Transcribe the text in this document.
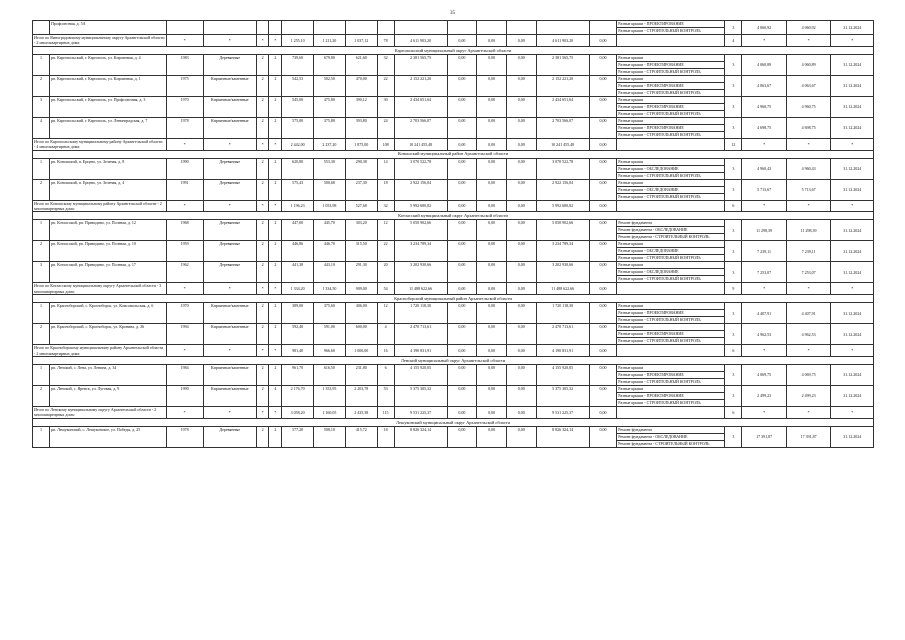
35
	Профсоюзная, д. 5А															Разные крыши - ПРОЕКТИРОВАНИЕ
Разные крыши - СТРОИТЕЛЬНЫЙ КОНТРОЛЬ	3	4 060,92	4 060,92	31.12.2024
Итого по Виноградовскому муниципальному округу Архангельской области - 2 многоквартирных дома:		*	*	*	*	1 255,10	1 211,20	1 037,12	78	4 611 903,20	0,00	0,00	0,00	4 611 903,20	0,00		4	*	*	*
Каргопольский муниципальный округ Архангельской области																				
1	рп. Каргопольский, г. Каргополь, ул. Кирпичная, д. 4	1983	Деревянные	2	2	739,60	679,80	621,60	32	2 381 565,75	0,00	0,00	0,00	2 381 565,75	0,00	Разные крыши
Разные крыши - ПРОЕКТИРОВАНИЕ
Разные крыши - СТРОИТЕЛЬНЫЙ КОНТРОЛЬ	3	4 060,89	4 060,89	31.12.2024
2	рп. Каргопольский, г. Каргополь, ул. Кирпичная, д. 1	1975	Кирпичные/каменные	2	2	542,53	502,50	470,00	22	2 152 221,20	0,00	0,00	0,00	2 152 221,20	0,00	Разные крыши
Разные крыши - ПРОЕКТИРОВАНИЕ
Разные крыши - СТРОИТЕЛЬНЫЙ КОНТРОЛЬ	3	4 063,67	4 063,67	31.12.2024
3	рп. Каргопольский, г. Каргополь, ул. Профсоюзная, д. 3	1970	Кирпичные/каменные	2	2	545,00	475,80	390,12	30	2 434 651,64	0,00	0,00	0,00	2 434 651,64	0,00	Разные крыши
Разные крыши - ПРОЕКТИРОВАНИЕ
Разные крыши - СТРОИТЕЛЬНЫЙ КОНТРОЛЬ	3	4 960,75	4 960,75	31.12.2024
4	рп. Каргопольский, г. Каргополь, ул. Ленинградская, д. 7	1978	Кирпичные/каменные	2	2	575,00	375,80	393,80	24	2 703 566,07	0,00	0,00	0,00	2 703 566,07	0,00	Разные крыши
Разные крыши - ПРОЕКТИРОВАНИЕ
Разные крыши - СТРОИТЕЛЬНЫЙ КОНТРОЛЬ	3	4 698,75	4 698,75	31.12.2024
Итого по Каргопольскому муниципальному району Архангельской области - 4 многоквартирных дома:		*	*	*	*	2 442,00	2 237,20	1 875,00	108	10 241 455,48	0,00	0,00	0,00	10 241 455,48	0,00		12	*	*	*
Коношский муниципальный район Архангельской области																				
1	рп. Коношский, п. Ерцево, ул. Зеленая, д. 8	1990	Деревянные	2	2	620,80	553,30	290,38	14	3 070 522,78	0,00	0,00	0,00	3 070 522,78	0,00	Разные крыши
Разные крыши - ОБСЛЕДОВАНИЕ
Разные крыши - СТРОИТЕЛЬНЫЙ КОНТРОЛЬ	3	4 960,43	4 960,43	31.12.2024
2	рп. Коношский, п. Ерцево, ул. Зеленая, д. 4	1991	Деревянные	2	2	575,43	500,68	237,30	18	2 922 156,04	0,00	0,00	0,00	2 922 156,04	0,00	Разные крыши
Разные крыши - ОБСЛЕДОВАНИЕ
Разные крыши - СТРОИТЕЛЬНЫЙ КОНТРОЛЬ	3	5 713,67	5 713,67	31.12.2024
Итого по Коношскому муниципальному району Архангельской области - 2 многоквартирных дома:		*	*	*	*	1 196,23	1 053,98	527,68	32	5 992 680,82	0,00	0,00	0,00	5 992 680,82	0,00		6	*	*	*
Котласский муниципальный округ Архангельской области																				
1	рп. Котласский, рп. Приводино, ул. Полевая, д. 12	1968	Деревянные	2	2	447,00	445,70	303,20	12	5 050 902,66	0,00	0,00	0,00	5 050 902,66	0,00	Ремонт фундамента
Ремонт фундамента - ОБСЛЕДОВАНИЕ
Ремонт фундамента - СТРОИТЕЛЬНЫЙ КОНТРОЛЬ	3	11 298,39	11 298,39	31.12.2024
2	рп. Котласский, рп. Приводино, ул. Полевая, д. 10	1959	Деревянные	2	2	446,86	446,70	315,50	22	3 234 789,34	0,00	0,00	0,00	3 234 789,34	0,00	Разные крыши
Разные крыши - ОБСЛЕДОВАНИЕ
Разные крыши - СТРОИТЕЛЬНЫЙ КОНТРОЛЬ	3	7 239,11	7 239,11	31.12.2024
3	рп. Котласский, рп. Приводино, ул. Полевая, д. 17	1962	Деревянные	2	2	441,38	443,10	291,30	20	3 202 930,66	0,00	0,00	0,00	3 202 930,66	0,00	Разные крыши
Разные крыши - ОБСЛЕДОВАНИЕ
Разные крыши - СТРОИТЕЛЬНЫЙ КОНТРОЛЬ	3	7 253,07	7 253,07	31.12.2024
Итого по Котласскому муниципальному округу Архангельской области - 3 многоквартирных дома:		*	*	*	*	1 334,20	1 334,50	909,00	54	11 488 622,66	0,00	0,00	0,00	11 488 622,66	0,00		9	*	*	*
Красноборский муниципальный район Архангельской области																				
1	рп. Красноборский, с. Красноборск, ул. Комсомольская, д. 6	1970	Кирпичные/каменные	2	2	389,00	375,60	406,00	12	1 720 118,30	0,00	0,00	0,00	1 720 118,30	0,00	Разные крыши
Разные крыши - ПРОЕКТИРОВАНИЕ
Разные крыши - СТРОИТЕЛЬНЫЙ КОНТРОЛЬ	3	4 407,91	4 407,91	31.12.2024
2	рп. Красноборский, с. Красноборск, ул. Кронина, д. 26	1994	Кирпичные/каменные	2	2	592,40	591,00	600,00	4	2 470 713,61	0,00	0,00	0,00	2 470 713,61	0,00	Разные крыши
Разные крыши - ПРОЕКТИРОВАНИЕ
Разные крыши - СТРОИТЕЛЬНЫЙ КОНТРОЛЬ	3	4 962,53	4 962,53	31.12.2024
Итого по Красноборскому муниципальному району Архангельской области - 2 многоквартирных дома:		*	*	*	*	981,40	966,60	1 006,00	16	4 190 831,91	0,00	0,00	0,00	4 190 831,91	0,00		6	*	*	*
Ленский муниципальный округ Архангельской области																				
1	рп. Ленский, с. Лена, ул. Ленина, д. 34	1984	Кирпичные/каменные	2	2	961,70	616,50	231,80	6	4 155 920,05	0,00	0,00	0,00	4 155 920,05	0,00	Разные крыши
Разные крыши - ПРОЕКТИРОВАНИЕ
Разные крыши - СТРОИТЕЛЬНЫЙ КОНТРОЛЬ	3	4 069,75	4 069,75	31.12.2024
2	рп. Ленский, с. Яренск, ул. Луговая, д. 9	1990	Кирпичные/каменные	2	4	2 176,70	1 353,95	2 203,78	53	5 375 305,32	0,00	0,00	0,00	5 375 305,32	0,00	Разные крыши
Разные крыши - ПРОЕКТИРОВАНИЕ
Разные крыши - СТРОИТЕЛЬНЫЙ КОНТРОЛЬ	3	2 499,23	2 499,23	31.12.2024
Итого по Ленскому муниципальному округу Архангельской области - 2 многоквартирных дома:		*	*	*	*	3 058,20	1 160,05	2 435,38	115	9 531 225,37	0,00	0,00	0,00	9 531 225,37	0,00		6	*	*	*
Лешуконский муниципальный округ Архангельской области																				
1	рп. Лешуконский, с. Лешуконское, ул. Победы, д. 25	1978	Деревянные	2	2	577,20	508,10	415,72	18	8 826 324,14	0,00	0,00	0,00	8 826 324,14	0,00	Ремонт фундамента
Ремонт фундамента - ОБСЛЕДОВАНИЕ
Ремонт фундамента - СТРОИТЕЛЬНЫЙ КОНТРОЛЬ	3	17 391,87	17 391,87	31.12.2024
